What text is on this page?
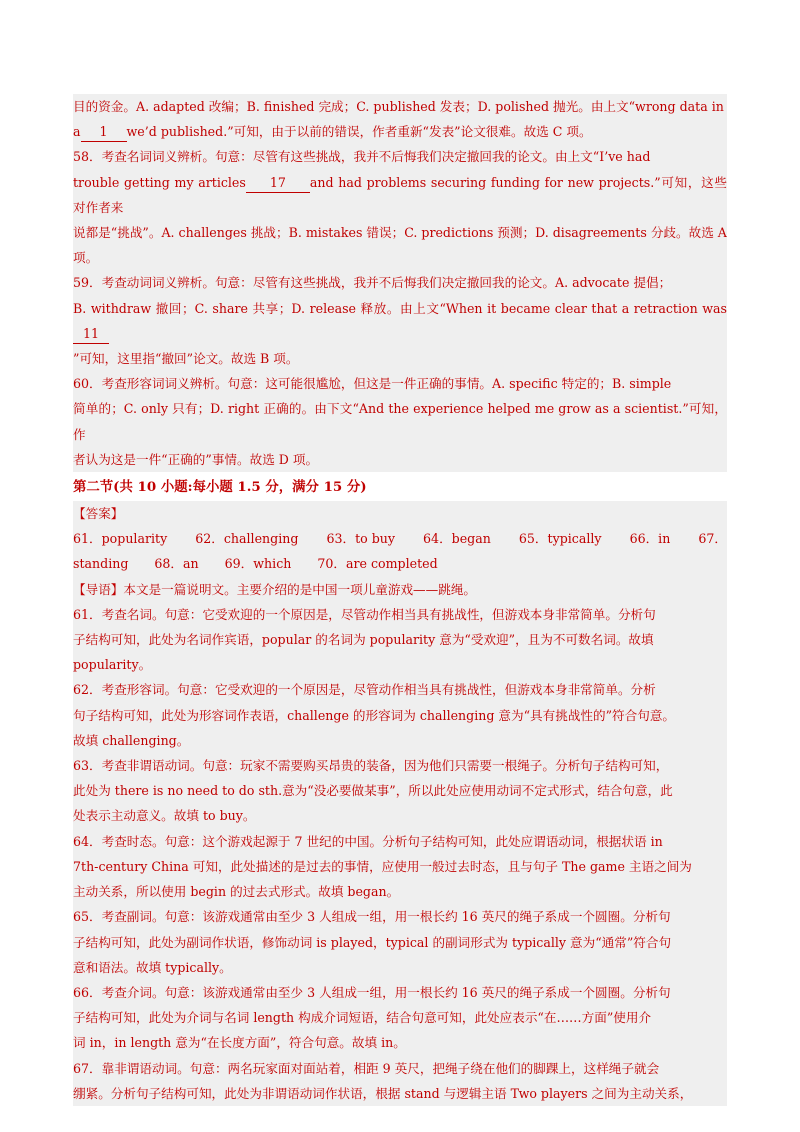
目的资金。A. adapted 改编；B. finished 完成；C. published 发表；D. polished 抛光。由上文“wrong data in
a 1 we’d published.”可知，由于以前的错误，作者重新“发表”论文很难。故选 C 项。

58．考查名词词义辨析。句意：尽管有这些挑战，我并不后悔我们决定撤回我的论文。由上文“I’ve had
trouble getting my articles 17 and had problems securing funding for new projects.”可知，这些对作者来
说都是“挑战”。A. challenges 挑战；B. mistakes 错误；C. predictions 预测；D. disagreements 分歧。故选 A
项。

59．考查动词词义辨析。句意：尽管有这些挑战，我并不后悔我们决定撤回我的论文。A. advocate 提倡；
B. withdraw 撤回；C. share 共享；D. release 释放。由上文“When it became clear that a retraction was11
”可知，这里指“撤回”论文。故选 B 项。

60．考查形容词词义辨析。句意：这可能很尴尬，但这是一件正确的事情。A. specific 特定的；B. simple
简单的；C. only 只有；D. right 正确的。由下文“And the experience helped me grow as a scientist.”可知，作
者认为这是一件“正确的”事情。故选 D 项。

第二节(共 10 小题:每小题 1.5 分，满分 15 分)

【答案】

61．popularity 62．challenging 63．to buy 64．began 65．typically 66．in 67．
standing 68．an 69．which 70．are completed

【导语】本文是一篇说明文。主要介绍的是中国一项儿童游戏——跳绳。

61．考查名词。句意：它受欢迎的一个原因是，尽管动作相当具有挑战性，但游戏本身非常简单。分析句
子结构可知，此处为名词作宾语，popular 的名词为 popularity 意为“受欢迎”，且为不可数名词。故填
popularity。

62．考查形容词。句意：它受欢迎的一个原因是，尽管动作相当具有挑战性，但游戏本身非常简单。分析
句子结构可知，此处为形容词作表语，challenge 的形容词为 challenging 意为“具有挑战性的”符合句意。
故填 challenging。

63．考查非谓语动词。句意：玩家不需要购买昂贵的装备，因为他们只需要一根绳子。分析句子结构可知，
此处为 there is no need to do sth.意为“没必要做某事”，所以此处应使用动词不定式形式，结合句意，此
处表示主动意义。故填 to buy。

64．考查时态。句意：这个游戏起源于 7 世纪的中国。分析句子结构可知，此处应谓语动词，根据状语 in
7th-century China 可知，此处描述的是过去的事情，应使用一般过去时态，且与句子 The game 主语之间为
主动关系，所以使用 begin 的过去式形式。故填 began。

65．考查副词。句意：该游戏通常由至少 3 人组成一组，用一根长约 16 英尺的绳子系成一个圆圈。分析句
子结构可知，此处为副词作状语，修饰动词 is played，typical 的副词形式为 typically 意为“通常”符合句
意和语法。故填 typically。

66．考查介词。句意：该游戏通常由至少 3 人组成一组，用一根长约 16 英尺的绳子系成一个圆圈。分析句
子结构可知，此处为介词与名词 length 构成介词短语，结合句意可知，此处应表示“在……方面”使用介
词 in，in length 意为“在长度方面”，符合句意。故填 in。

67．靠非谓语动词。句意：两名玩家面对面站着，相距 9 英尺，把绳子绕在他们的脚踝上，这样绳子就会
绷紧。分析句子结构可知，此处为非谓语动词作状语，根据 stand 与逻辑主语 Two players 之间为主动关系，
